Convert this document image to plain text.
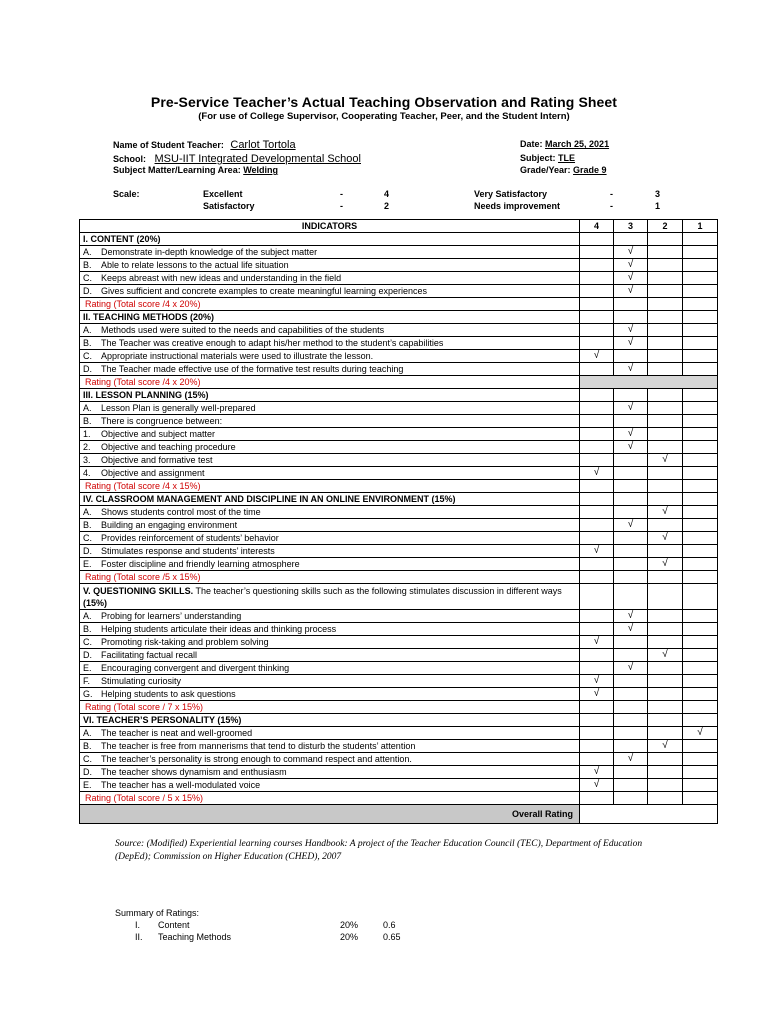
Pre-Service Teacher’s Actual Teaching Observation and Rating Sheet
(For use of College Supervisor, Cooperating Teacher, Peer, and the Student Intern)
Name of Student Teacher: Carlot Tortola
School: MSU-IIT Integrated Developmental School
Subject Matter/Learning Area: Welding
Date: March 25, 2021
Subject: TLE
Grade/Year: Grade 9
Scale:	Excellent	-	4
Satisfactory	-	2
Very Satisfactory	-	3
Needs improvement	-	1
INDICATORS	4	3	2	1
I. CONTENT (20%)				
A. Demonstrate in-depth knowledge of the subject matter		√		
B. Able to relate lessons to the actual life situation		√		
C. Keeps abreast with new ideas and understanding in the field		√		
D. Gives sufficient and concrete examples to create meaningful learning experiences		√		
Rating (Total score /4 x 20%)				
II. TEACHING METHODS (20%)				
A. Methods used were suited to the needs and capabilities of the students		√		
B. The Teacher was creative enough to adapt his/her method to the student’s capabilities		√		
C. Appropriate instructional materials were used to illustrate the lesson.	√			
D. The Teacher made effective use of the formative test results during teaching		√		
Rating (Total score /4 x 20%)				
III. LESSON PLANNING (15%)				
A. Lesson Plan is generally well-prepared		√		
B. There is congruence between:				
1. Objective and subject matter		√		
2. Objective and teaching procedure		√		
3. Objective and formative test			√	
4. Objective and assignment	√			
Rating (Total score /4 x 15%)				
IV. CLASSROOM MANAGEMENT AND DISCIPLINE IN AN ONLINE ENVIRONMENT (15%)				
A. Shows students control most of the time			√	
B. Building an engaging environment		√		
C. Provides reinforcement of students’ behavior			√	
D. Stimulates response and students’ interests	√			
E. Foster discipline and friendly learning atmosphere			√	
Rating (Total score /5 x 15%)				
V. QUESTIONING SKILLS. The teacher’s questioning skills such as the following stimulates discussion in different ways (15%)				
A. Probing for learners’ understanding		√		
B. Helping students articulate their ideas and thinking process		√		
C. Promoting risk-taking and problem solving	√			
D. Facilitating factual recall			√	
E. Encouraging convergent and divergent thinking		√		
F. Stimulating curiosity	√			
G. Helping students to ask questions	√			
Rating (Total score / 7 x 15%)				
VI. TEACHER’S PERSONALITY (15%)				
A. The teacher is neat and well-groomed				√
B. The teacher is free from mannerisms that tend to disturb the students’ attention			√	
C. The teacher’s personality is strong enough to command respect and attention.		√		
D. The teacher shows dynamism and enthusiasm	√			
E. The teacher has a well-modulated voice	√			
Rating (Total score / 5 x 15%)				
Overall Rating				
Source: (Modified) Experiential learning courses Handbook: A project of the Teacher Education Council (TEC), Department of Education (DepEd); Commission on Higher Education (CHED), 2007
Summary of Ratings:
I. Content	20%	0.6
II. Teaching Methods	20%	0.65
